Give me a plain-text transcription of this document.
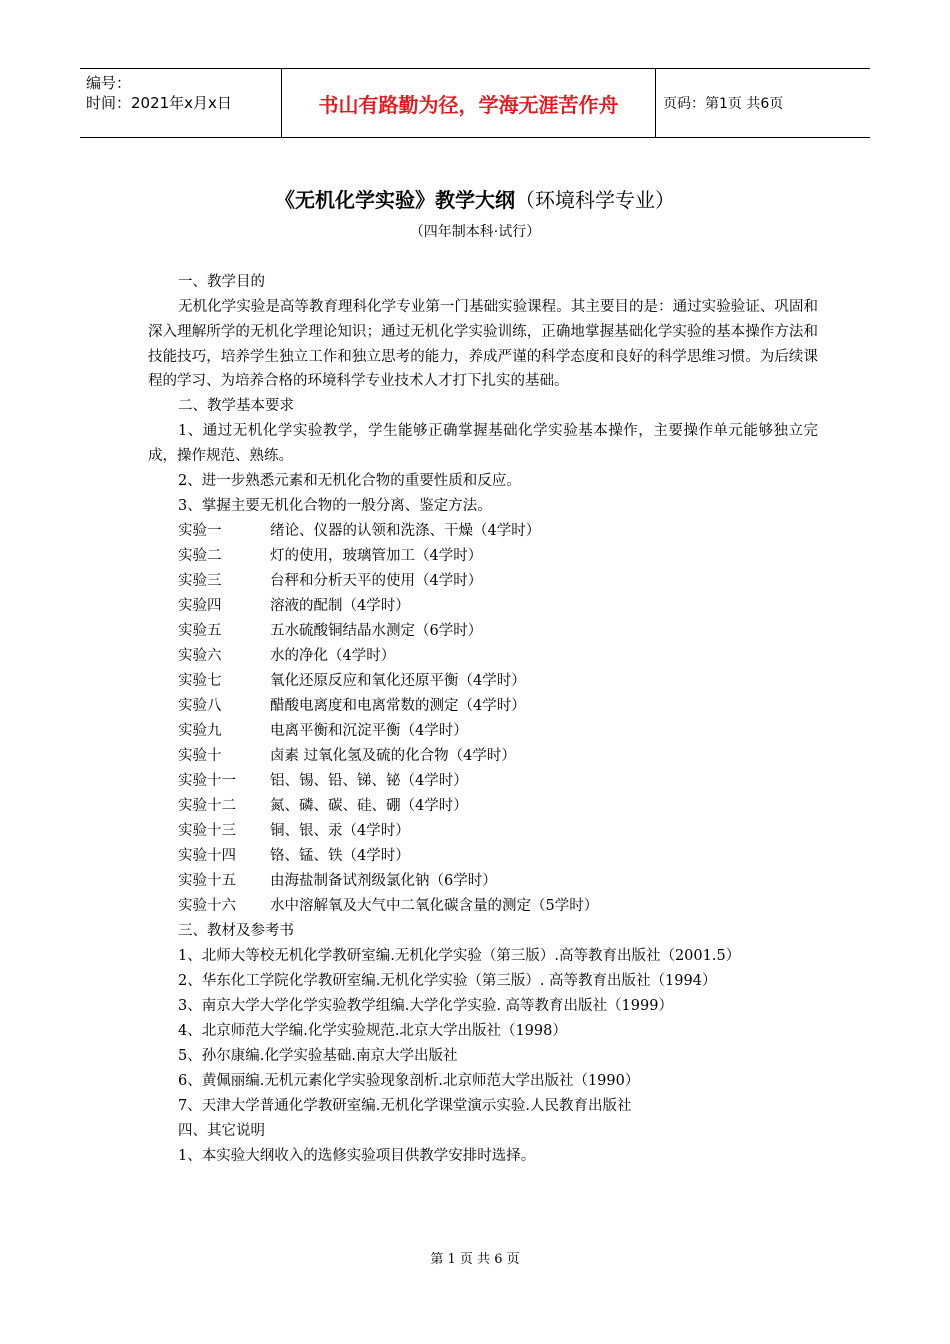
编号：
时间：2021年x月x日	书山有路勤为径，学海无涯苦作舟	页码：第1页 共6页
《无机化学实验》教学大纲（环境科学专业）
（四年制本科·试行）
一、教学目的
无机化学实验是高等教育理科化学专业第一门基础实验课程。其主要目的是：通过实验验证、巩固和深入理解所学的无机化学理论知识；通过无机化学实验训练，正确地掌握基础化学实验的基本操作方法和技能技巧，培养学生独立工作和独立思考的能力，养成严谨的科学态度和良好的科学思维习惯。为后续课程的学习、为培养合格的环境科学专业技术人才打下扎实的基础。
二、教学基本要求
1、通过无机化学实验教学，学生能够正确掌握基础化学实验基本操作，主要操作单元能够独立完成，操作规范、熟练。
2、进一步熟悉元素和无机化合物的重要性质和反应。
3、掌握主要无机化合物的一般分离、鉴定方法。
实验一	绪论、仪器的认领和洗涤、干燥（4学时）
实验二	灯的使用，玻璃管加工（4学时）
实验三	台秤和分析天平的使用（4学时）
实验四	溶液的配制（4学时）
实验五	五水硫酸铜结晶水测定（6学时）
实验六	水的净化（4学时）
实验七	氧化还原反应和氧化还原平衡（4学时）
实验八	醋酸电离度和电离常数的测定（4学时）
实验九	电离平衡和沉淀平衡（4学时）
实验十	卤素 过氧化氢及硫的化合物（4学时）
实验十一	铝、锡、铅、锑、铋（4学时）
实验十二	氮、磷、碳、硅、硼（4学时）
实验十三	铜、银、汞（4学时）
实验十四	铬、锰、铁（4学时）
实验十五	由海盐制备试剂级氯化钠（6学时）
实验十六	水中溶解氧及大气中二氧化碳含量的测定（5学时）
三、教材及参考书
1、北师大等校无机化学教研室编.无机化学实验（第三版）.高等教育出版社（2001.5）
2、华东化工学院化学教研室编.无机化学实验（第三版）. 高等教育出版社（1994）
3、南京大学大学化学实验教学组编.大学化学实验. 高等教育出版社（1999）
4、北京师范大学编.化学实验规范.北京大学出版社（1998）
5、孙尔康编.化学实验基础.南京大学出版社
6、黄佩丽编.无机元素化学实验现象剖析.北京师范大学出版社（1990）
7、天津大学普通化学教研室编.无机化学课堂演示实验.人民教育出版社
四、其它说明
1、本实验大纲收入的选修实验项目供教学安排时选择。
第 1 页 共 6 页
